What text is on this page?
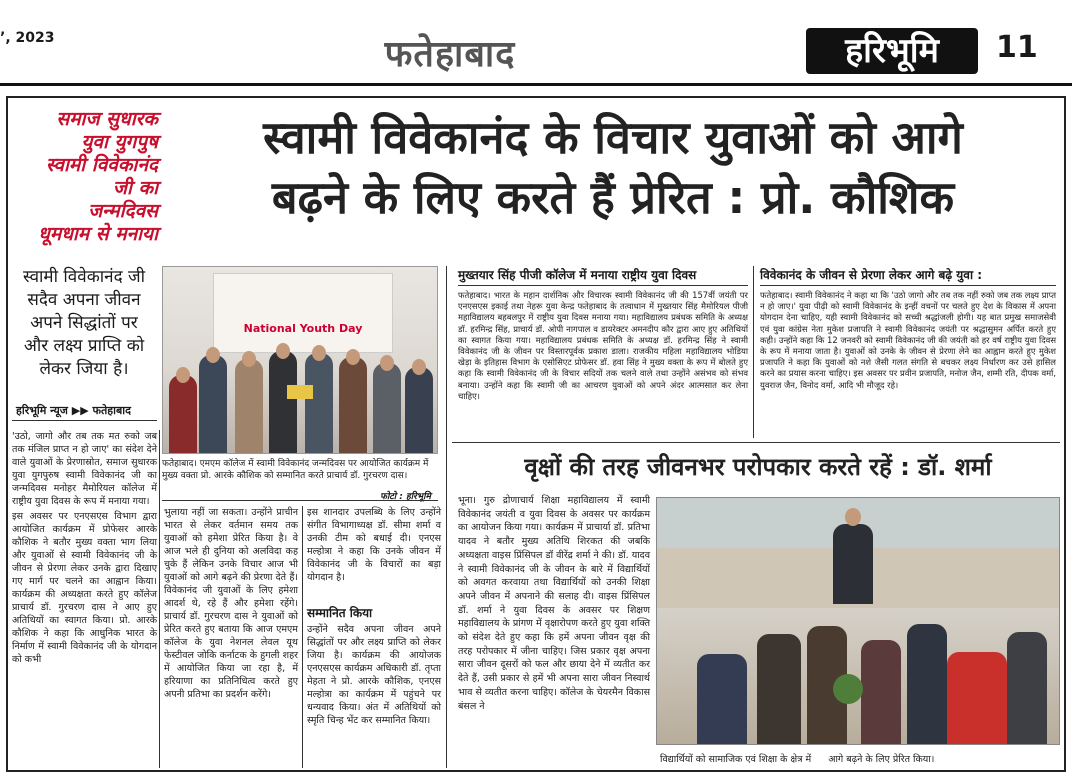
’, 2023	फतेहाबाद	हरिभूमि	11
समाज सुधारक
युवा युगपुष
स्वामी विवेकानंद
जी का
जन्मदिवस
धूमधाम से मनाया
स्वामी विवेकानंद जी
सदैव अपना जीवन
अपने सिद्धांतों पर
और लक्ष्य प्राप्ति को
लेकर जिया है।
हरिभूमि न्यूज ▶▶ फतेहाबाद
स्वामी विवेकानंद के विचार युवाओं को आगे
बढ़ने के लिए करते हैं प्रेरित : प्रो. कौशिक
National Youth Day
फतेहाबाद। एमएम कॉलेज में स्वामी विवेकानंद जन्मदिवस पर आयोजित कार्यक्रम में मुख्य वक्ता प्रो. आरके कौशिक को सम्मानित करते प्राचार्य डॉ. गुरचरण दास।
फोटो : हरिभूमि

'उठो, जागो और तब तक मत रुको जब तक मंजिल प्राप्त न हो जाए' का संदेश देने वाले युवाओं के प्रेरणास्रोत, समाज सुधारक युवा युगपुरुष स्वामी विवेकानंद जी का जन्मदिवस मनोहर मैमोरियल कॉलेज में राष्ट्रीय युवा दिवस के रूप में मनाया गया।

इस अवसर पर एनएसएस विभाग द्वारा आयोजित कार्यक्रम में प्रोफेसर आरके कौशिक ने बतौर मुख्य वक्ता भाग लिया और युवाओं से स्वामी विवेकानंद जी के जीवन से प्रेरणा लेकर उनके द्वारा दिखाए गए मार्ग पर चलने का आह्वान किया। कार्यक्रम की अध्यक्षता करते हुए कॉलेज प्राचार्य डॉ. गुरचरण दास ने आए हुए अतिथियों का स्वागत किया। प्रो. आरके कौशिक ने कहा कि आधुनिक भारत के निर्माण में स्वामी विवेकानंद जी के योगदान को कभी

भुलाया नहीं जा सकता। उन्होंने प्राचीन भारत से लेकर वर्तमान समय तक युवाओं को हमेशा प्रेरित किया है। वे आज भले ही दुनिया को अलविदा कह चुके हैं लेकिन उनके विचार आज भी युवाओं को आगे बढ़ने की प्रेरणा देते हैं। विवेकानंद जी युवाओं के लिए हमेशा आदर्श थे, रहे हैं और हमेशा रहेंगे। प्राचार्य डॉ. गुरचरण दास ने युवाओं को प्रेरित करते हुए बताया कि आज एमएम कॉलेज के युवा नेशनल लेवल यूथ फेस्टीवल जोकि कर्नाटक के हुगली शहर में आयोजित किया जा रहा है, में हरियाणा का प्रतिनिधित्व करते हुए अपनी प्रतिभा का प्रदर्शन करेंगे।

इस शानदार उपलब्धि के लिए उन्होंने संगीत विभागाध्यक्ष डॉ. सीमा शर्मा व उनकी टीम को बधाई दी। एनएस मल्होत्रा ने कहा कि उनके जीवन में विवेकानंद जी के विचारों का बड़ा योगदान है।

सम्मानित किया

उन्होंने सदैव अपना जीवन अपने सिद्धांतों पर और लक्ष्य प्राप्ति को लेकर जिया है। कार्यक्रम की आयोजक एनएसएस कार्यक्रम अधिकारी डॉ. तृप्ता मेहता ने प्रो. आरके कौशिक, एनएस मल्होत्रा का कार्यक्रम में पहुंचने पर धन्यवाद किया। अंत में अतिथियों को स्मृति चिन्ह भेंट कर सम्मानित किया।

मुख्तयार सिंह पीजी कॉलेज में मनाया राष्ट्रीय युवा दिवस
फतेहाबाद। भारत के महान दार्शनिक और विचारक स्वामी विवेकानंद जी की 157वीं जयंती पर एनएसएस इकाई तथा नेहरू युवा केन्द्र फतेहाबाद के तत्वाधान में मुख्तयार सिंह मैमोरियल पीजी महाविद्यालय बहबलपुर में राष्ट्रीय युवा दिवस मनाया गया। महाविद्यालय प्रबंधक समिति के अध्यक्ष डॉ. हरमिन्द्र सिंह, प्राचार्य डॉ. ओपी नागपाल व डायरेक्टर अमनदीप कौर द्वारा आए हुए अतिथियों का स्वागत किया गया। महाविद्यालय प्रबंधक समिति के अध्यक्ष डॉ. हरमिन्द्र सिंह ने स्वामी विवेकानंद जी के जीवन पर विस्तारपूर्वक प्रकाश डाला। राजकीय महिला महाविद्यालय भोडिया खेड़ा के इतिहास विभाग के एसोसिएट प्रोफेसर डॉ. हवा सिंह ने मुख्य वक्ता के रूप में बोलते हुए कहा कि स्वामी विवेकानंद जी के विचार सदियों तक चलने वाले तथा उन्होंने असंभव को संभव बनाया। उन्होंने कहा कि स्वामी जी का आचरण युवाओं को अपने अंदर आत्मसात कर लेना चाहिए।
विवेकानंद के जीवन से प्रेरणा लेकर आगे बढ़े युवा :
फतेहाबाद। स्वामी विवेकानंद ने कहा था कि 'उठो जागो और तब तक नहीं रुको जब तक लक्ष्य प्राप्त न हो जाए।' युवा पीढ़ी को स्वामी विवेकानंद के इन्हीं वचनों पर चलते हुए देश के विकास में अपना योगदान देना चाहिए, यही स्वामी विवेकानंद को सच्ची श्रद्धांजली होगी। यह बात प्रमुख समाजसेवी एवं युवा कांग्रेस नेता मुकेश प्रजापति ने स्वामी विवेकानंद जयंती पर श्रद्धासुमन अर्पित करते हुए कही। उन्होंने कहा कि 12 जनवरी को स्वामी विवेकानंद जी की जयंती को हर वर्ष राष्ट्रीय युवा दिवस के रूप में मनाया जाता है। युवाओं को उनके के जीवन से प्रेरणा लेने का आह्वान करते हुए मुकेश प्रजापति ने कहा कि युवाओं को नशे जैसी गलत संगति से बचकर लक्ष्य निर्धारण कर उसे हासिल करने का प्रयास करना चाहिए। इस अवसर पर प्रवीन प्रजापति, मनोज जैन, शम्मी रति, दीपक वर्मा, युवराज जैन, विनोद वर्मा, आदि भी मौजूद रहे।
वृक्षों की तरह जीवनभर परोपकार करते रहें : डॉ. शर्मा

भूना। गुरु द्रोणाचार्य शिक्षा महाविद्यालय में स्वामी विवेकानंद जयंती व युवा दिवस के अवसर पर कार्यक्रम का आयोजन किया गया। कार्यक्रम में प्राचार्या डॉ. प्रतिभा यादव ने बतौर मुख्य अतिथि शिरकत की जबकि अध्यक्षता वाइस प्रिंसिपल डॉ वीरेंद्र शर्मा ने की। डॉ. यादव ने स्वामी विवेकानंद जी के जीवन के बारे में विद्यार्थियों को अवगत करवाया तथा विद्यार्थियों को उनकी शिक्षा अपने जीवन में अपनाने की सलाह दी। वाइस प्रिंसिपल डॉ. शर्मा ने युवा दिवस के अवसर पर शिक्षण महाविद्यालय के प्रांगण में वृक्षारोपण करते हुए युवा शक्ति को संदेश देते हुए कहा कि हमें अपना जीवन वृक्ष की तरह परोपकार में जीना चाहिए। जिस प्रकार वृक्ष अपना सारा जीवन दूसरों को फल और छाया देने में व्यतीत कर देते हैं, उसी प्रकार से हमें भी अपना सारा जीवन निस्वार्थ भाव से व्यतीत करना चाहिए। कॉलेज के चेयरमैन विकास बंसल ने

विद्यार्थियों को सामाजिक एवं शिक्षा के क्षेत्र में आगे बढ़ने के लिए प्रेरित किया।
